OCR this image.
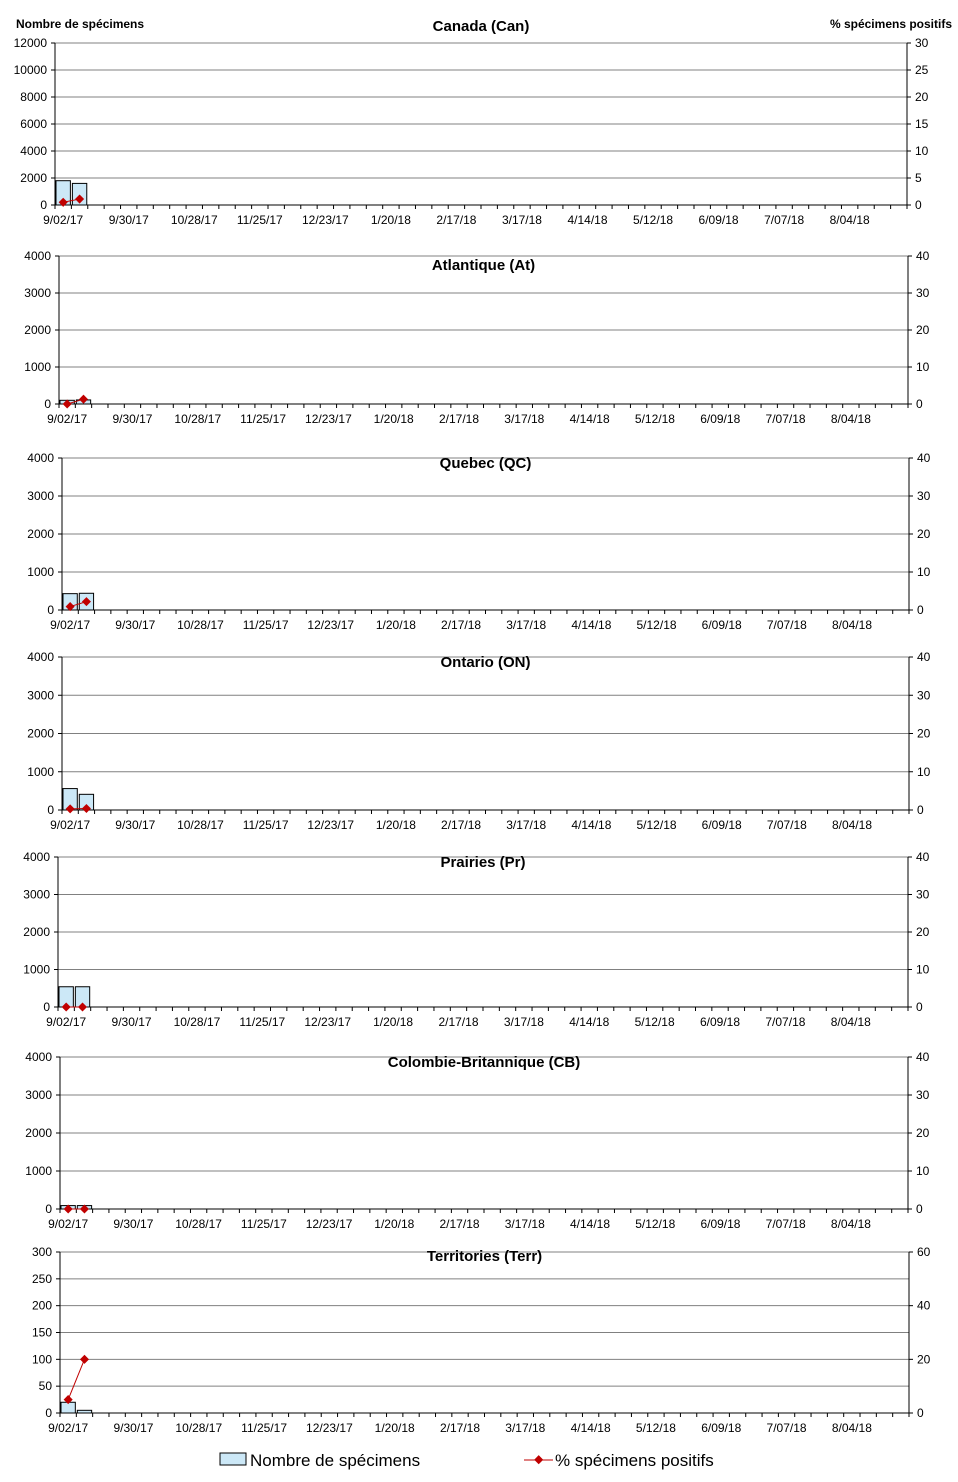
0
2000
4000
6000
8000
10000
12000
0
5
10
15
20
25
30
9/02/17 9/30/17 10/28/17 11/25/17 12/23/17 1/20/18 2/17/18 3/17/18 4/14/18 5/12/18 6/09/18 7/07/18 8/04/18
Canada (Can)
0
1000
2000
3000
4000
0
10
20
30
40
9/02/17 9/30/17 10/28/17 11/25/17 12/23/17 1/20/18 2/17/18 3/17/18 4/14/18 5/12/18 6/09/18 7/07/18 8/04/18
Atlantique (At)
0
1000
2000
3000
4000
0
10
20
30
40
9/02/17 9/30/17 10/28/17 11/25/17 12/23/17 1/20/18 2/17/18 3/17/18 4/14/18 5/12/18 6/09/18 7/07/18 8/04/18
Quebec (QC)
0
1000
2000
3000
4000
0
10
20
30
40
9/02/17 9/30/17 10/28/17 11/25/17 12/23/17 1/20/18 2/17/18 3/17/18 4/14/18 5/12/18 6/09/18 7/07/18 8/04/18
Ontario (ON)
0
1000
2000
3000
4000
0
10
20
30
40
9/02/17 9/30/17 10/28/17 11/25/17 12/23/17 1/20/18 2/17/18 3/17/18 4/14/18 5/12/18 6/09/18 7/07/18 8/04/18
Prairies (Pr)
0
1000
2000
3000
4000
0
10
20
30
40
9/02/17 9/30/17 10/28/17 11/25/17 12/23/17 1/20/18 2/17/18 3/17/18 4/14/18 5/12/18 6/09/18 7/07/18 8/04/18
Colombie-Britannique (CB)
0
50
100
150
200
250
300
0
20
40
60
9/02/17 9/30/17 10/28/17 11/25/17 12/23/17 1/20/18 2/17/18 3/17/18 4/14/18 5/12/18 6/09/18 7/07/18 8/04/18
Territories (Terr)
Nombre de spécimens	% spécimens positifs
Nombre de spécimens	% spécimens positifs
